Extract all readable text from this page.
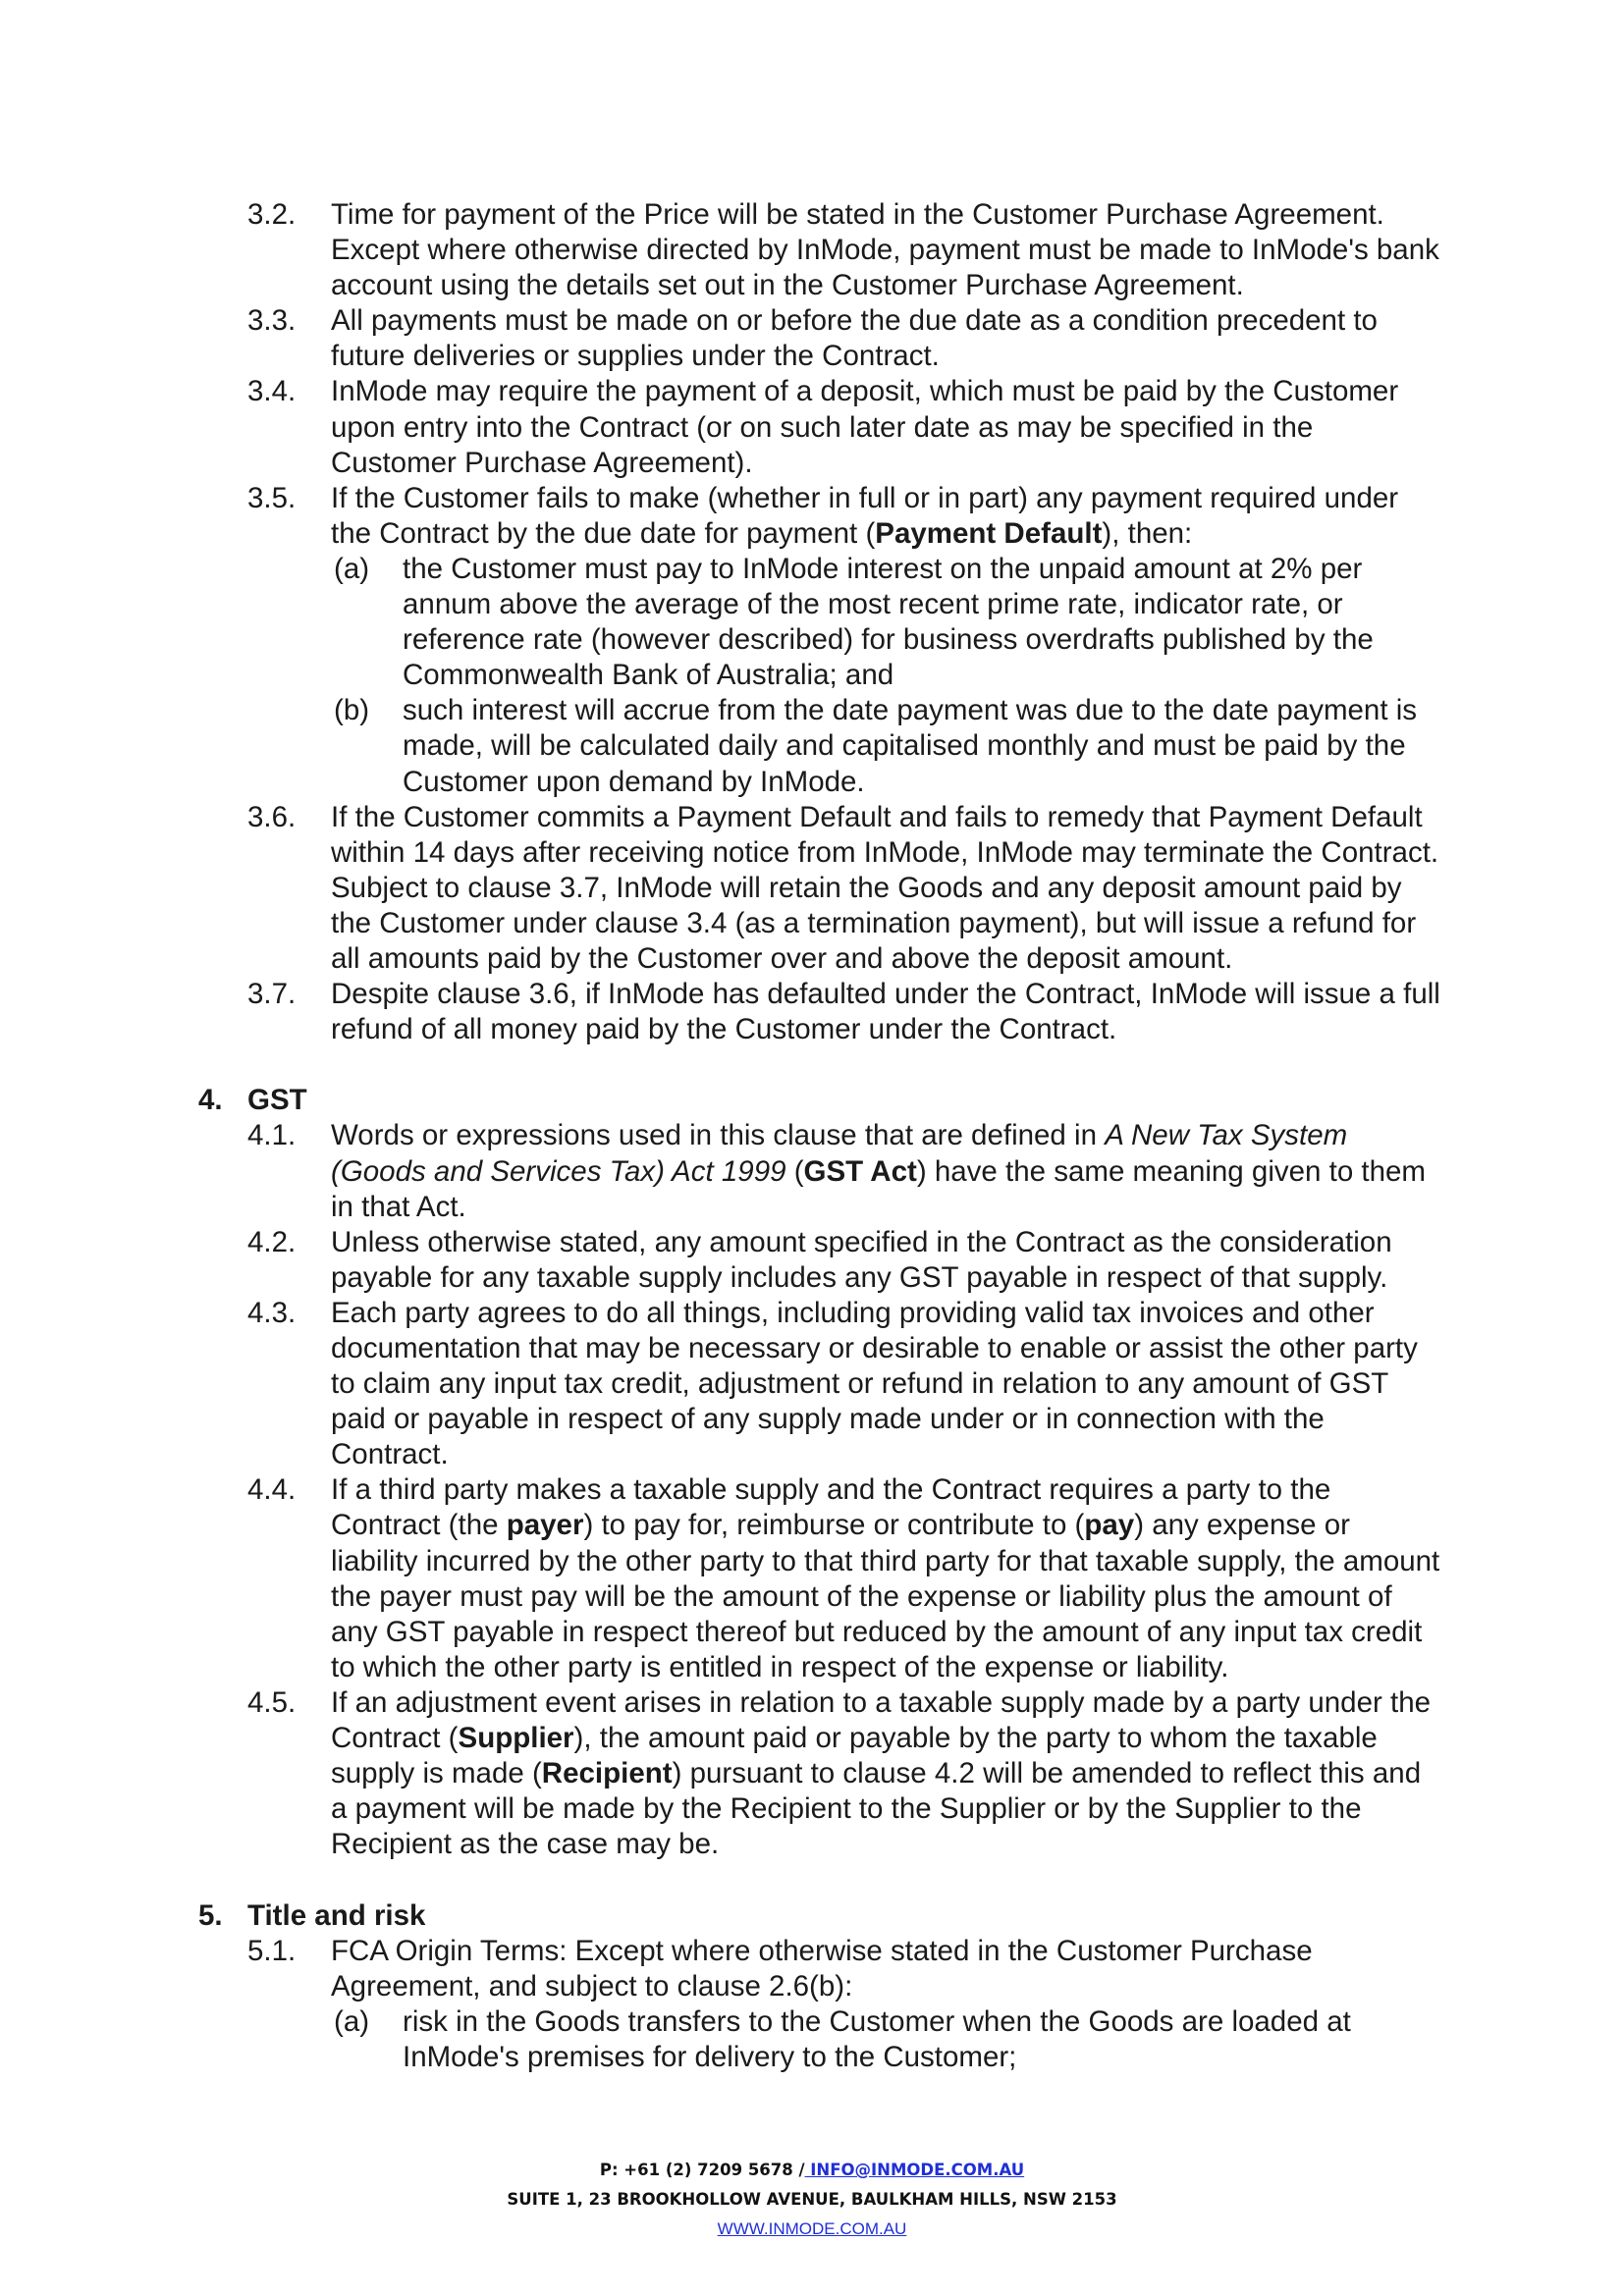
3.2. Time for payment of the Price will be stated in the Customer Purchase Agreement.
Except where otherwise directed by InMode, payment must be made to InMode's bank
account using the details set out in the Customer Purchase Agreement.
3.3. All payments must be made on or before the due date as a condition precedent to
future deliveries or supplies under the Contract.
3.4. InMode may require the payment of a deposit, which must be paid by the Customer
upon entry into the Contract (or on such later date as may be specified in the
Customer Purchase Agreement).
3.5. If the Customer fails to make (whether in full or in part) any payment required under
the Contract by the due date for payment (Payment Default), then:
(a) the Customer must pay to InMode interest on the unpaid amount at 2% per
annum above the average of the most recent prime rate, indicator rate, or
reference rate (however described) for business overdrafts published by the
Commonwealth Bank of Australia; and
(b) such interest will accrue from the date payment was due to the date payment is
made, will be calculated daily and capitalised monthly and must be paid by the
Customer upon demand by InMode.
3.6. If the Customer commits a Payment Default and fails to remedy that Payment Default
within 14 days after receiving notice from InMode, InMode may terminate the Contract.
Subject to clause 3.7, InMode will retain the Goods and any deposit amount paid by
the Customer under clause 3.4 (as a termination payment), but will issue a refund for
all amounts paid by the Customer over and above the deposit amount.
3.7. Despite clause 3.6, if InMode has defaulted under the Contract, InMode will issue a full
refund of all money paid by the Customer under the Contract.
4. GST
4.1. Words or expressions used in this clause that are defined in A New Tax System
(Goods and Services Tax) Act 1999 (GST Act) have the same meaning given to them
in that Act.
4.2. Unless otherwise stated, any amount specified in the Contract as the consideration
payable for any taxable supply includes any GST payable in respect of that supply.
4.3. Each party agrees to do all things, including providing valid tax invoices and other
documentation that may be necessary or desirable to enable or assist the other party
to claim any input tax credit, adjustment or refund in relation to any amount of GST
paid or payable in respect of any supply made under or in connection with the
Contract.
4.4. If a third party makes a taxable supply and the Contract requires a party to the
Contract (the payer) to pay for, reimburse or contribute to (pay) any expense or
liability incurred by the other party to that third party for that taxable supply, the amount
the payer must pay will be the amount of the expense or liability plus the amount of
any GST payable in respect thereof but reduced by the amount of any input tax credit
to which the other party is entitled in respect of the expense or liability.
4.5. If an adjustment event arises in relation to a taxable supply made by a party under the
Contract (Supplier), the amount paid or payable by the party to whom the taxable
supply is made (Recipient) pursuant to clause 4.2 will be amended to reflect this and
a payment will be made by the Recipient to the Supplier or by the Supplier to the
Recipient as the case may be.
5. Title and risk
5.1. FCA Origin Terms: Except where otherwise stated in the Customer Purchase
Agreement, and subject to clause 2.6(b):
(a) risk in the Goods transfers to the Customer when the Goods are loaded at
InMode's premises for delivery to the Customer;
P: +61 (2) 7209 5678 / INFO@INMODE.COM.AU
SUITE 1, 23 BROOKHOLLOW AVENUE, BAULKHAM HILLS, NSW 2153
WWW.INMODE.COM.AU
